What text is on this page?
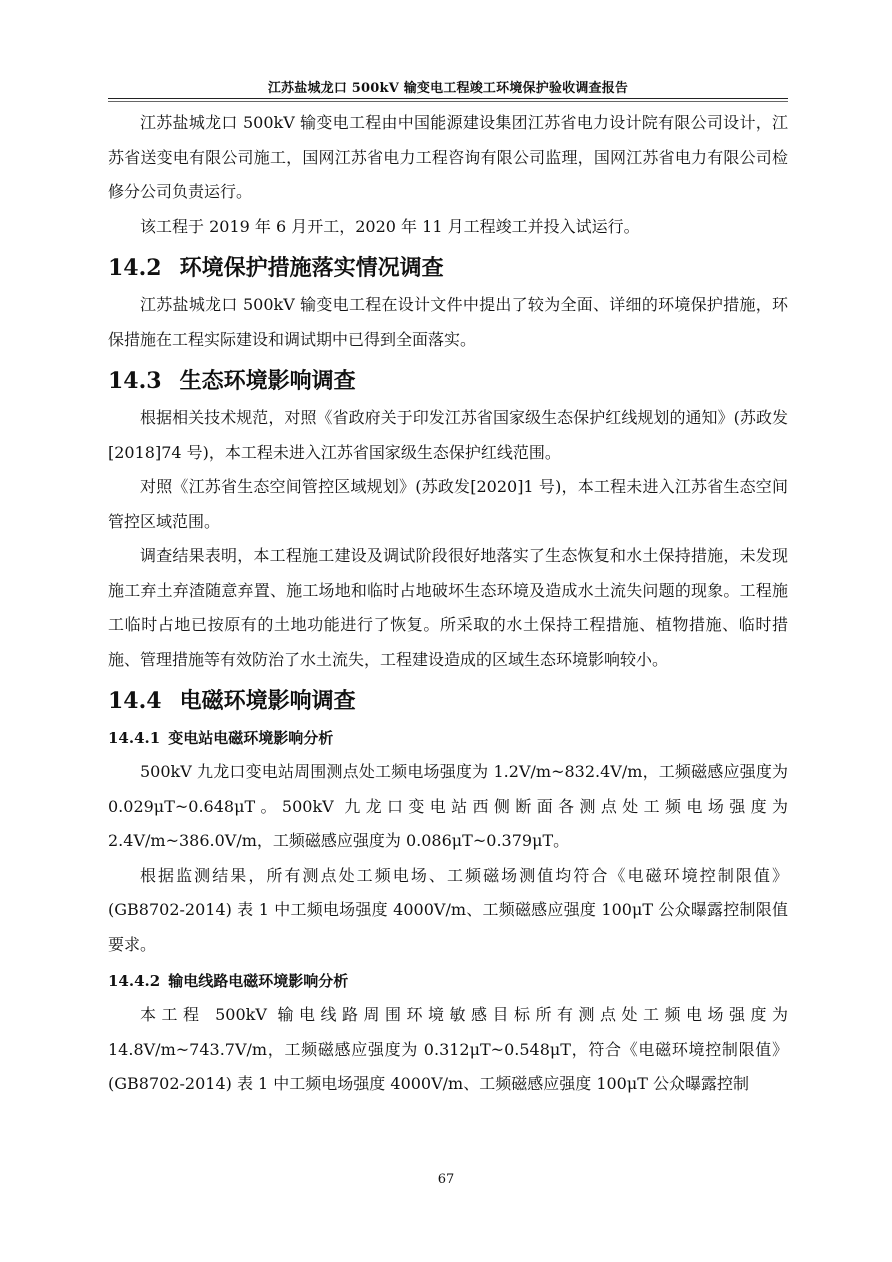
江苏盐城龙口 500kV 输变电工程竣工环境保护验收调查报告

江苏盐城龙口 500kV 输变电工程由中国能源建设集团江苏省电力设计院有限公司设计，江苏省送变电有限公司施工，国网江苏省电力工程咨询有限公司监理，国网江苏省电力有限公司检修分公司负责运行。

该工程于 2019 年 6 月开工，2020 年 11 月工程竣工并投入试运行。

14.2 环境保护措施落实情况调查

江苏盐城龙口 500kV 输变电工程在设计文件中提出了较为全面、详细的环境保护措施，环保措施在工程实际建设和调试期中已得到全面落实。

14.3 生态环境影响调查

根据相关技术规范，对照《省政府关于印发江苏省国家级生态保护红线规划的通知》(苏政发[2018]74 号)，本工程未进入江苏省国家级生态保护红线范围。

对照《江苏省生态空间管控区域规划》(苏政发[2020]1 号)，本工程未进入江苏省生态空间管控区域范围。

调查结果表明，本工程施工建设及调试阶段很好地落实了生态恢复和水土保持措施，未发现施工弃土弃渣随意弃置、施工场地和临时占地破坏生态环境及造成水土流失问题的现象。工程施工临时占地已按原有的土地功能进行了恢复。所采取的水土保持工程措施、植物措施、临时措施、管理措施等有效防治了水土流失，工程建设造成的区域生态环境影响较小。

14.4 电磁环境影响调查
14.4.1 变电站电磁环境影响分析

500kV 九龙口变电站周围测点处工频电场强度为 1.2V/m~832.4V/m，工频磁感应强度为 0.029μT~0.648μT。500kV 九龙口变电站西侧断面各测点处工频电场强度为2.4V/m~386.0V/m，工频磁感应强度为 0.086μT~0.379μT。

根据监测结果，所有测点处工频电场、工频磁场测值均符合《电磁环境控制限值》(GB8702-2014) 表 1 中工频电场强度 4000V/m、工频磁感应强度 100μT 公众曝露控制限值要求。

14.4.2 输电线路电磁环境影响分析

本工程 500kV 输电线路周围环境敏感目标所有测点处工频电场强度为14.8V/m~743.7V/m，工频磁感应强度为 0.312μT~0.548μT，符合《电磁环境控制限值》(GB8702-2014) 表 1 中工频电场强度 4000V/m、工频磁感应强度 100μT 公众曝露控制

67
